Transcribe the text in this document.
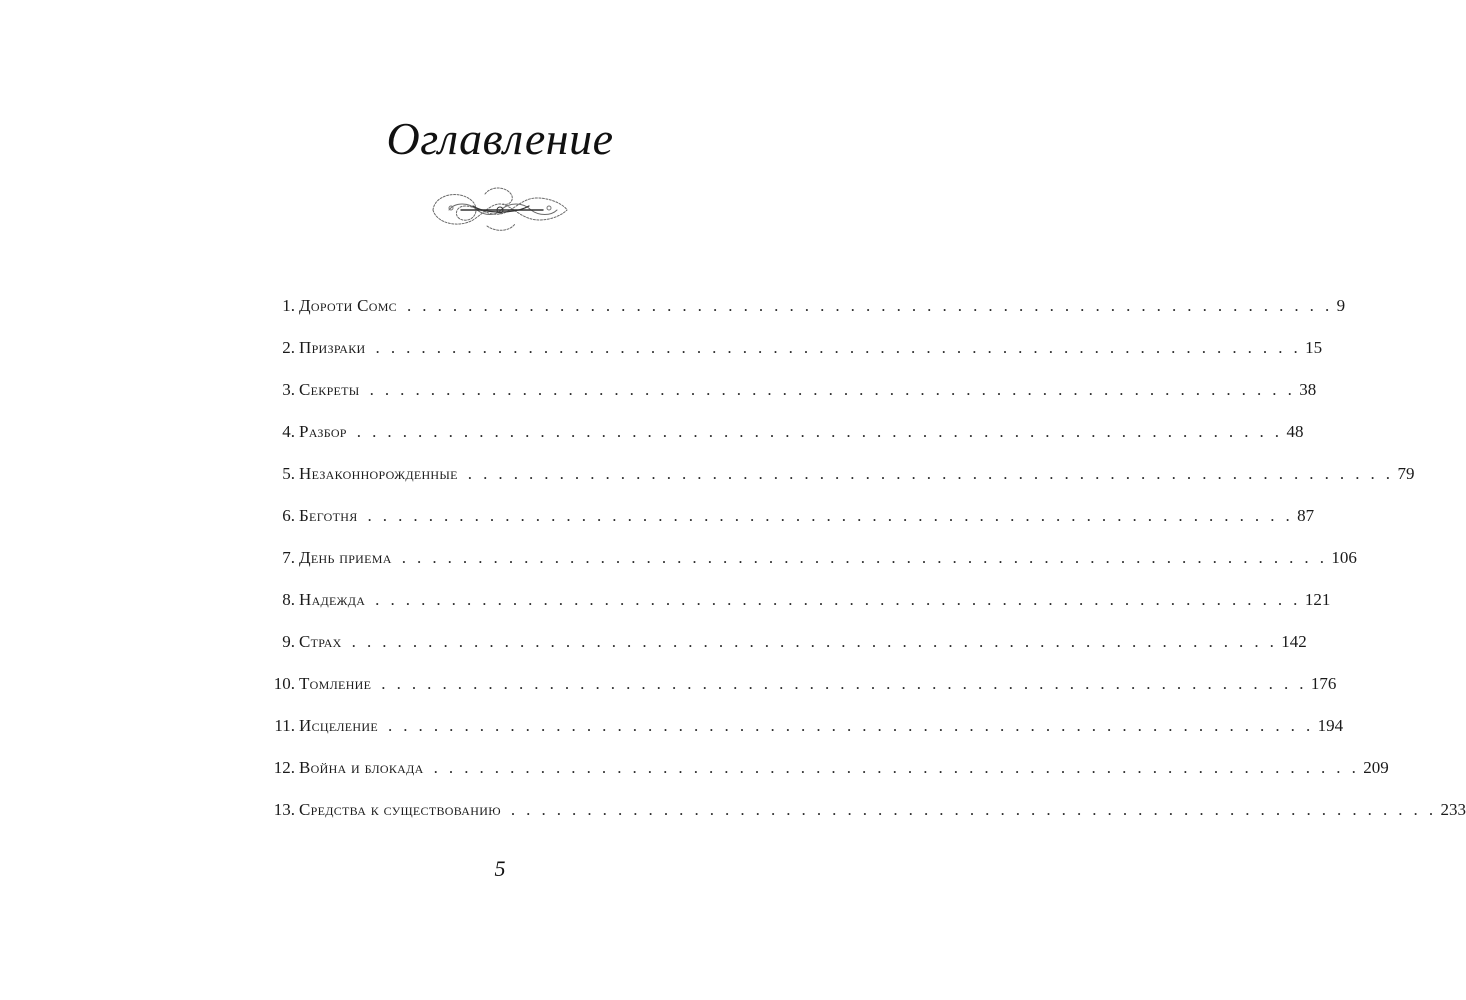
Оглавление
1. Дороти Сомс . . . . . . . . . . . . . . . . . . . . . . . . . . . . . . . . . . . . . . . . . . . . . . . . . . . . . . . . . . . . . 9
2. Призраки . . . . . . . . . . . . . . . . . . . . . . . . . . . . . . . . . . . . . . . . . . . . . . . . . . . . . . . . . . . . . 15
3. Секреты . . . . . . . . . . . . . . . . . . . . . . . . . . . . . . . . . . . . . . . . . . . . . . . . . . . . . . . . . . . . . 38
4. Разбор . . . . . . . . . . . . . . . . . . . . . . . . . . . . . . . . . . . . . . . . . . . . . . . . . . . . . . . . . . . . . 48
5. Незаконнорожденные . . . . . . . . . . . . . . . . . . . . . . . . . . . . . . . . . . . . . . . . . . . . . . . . . . . . . . . . . . . . . 79
6. Беготня . . . . . . . . . . . . . . . . . . . . . . . . . . . . . . . . . . . . . . . . . . . . . . . . . . . . . . . . . . . . . 87
7. День приема . . . . . . . . . . . . . . . . . . . . . . . . . . . . . . . . . . . . . . . . . . . . . . . . . . . . . . . . . . . . . 106
8. Надежда . . . . . . . . . . . . . . . . . . . . . . . . . . . . . . . . . . . . . . . . . . . . . . . . . . . . . . . . . . . . . 121
9. Страх . . . . . . . . . . . . . . . . . . . . . . . . . . . . . . . . . . . . . . . . . . . . . . . . . . . . . . . . . . . . . 142
10. Томление . . . . . . . . . . . . . . . . . . . . . . . . . . . . . . . . . . . . . . . . . . . . . . . . . . . . . . . . . . . . . 176
11. Исцеление . . . . . . . . . . . . . . . . . . . . . . . . . . . . . . . . . . . . . . . . . . . . . . . . . . . . . . . . . . . . . 194
12. Война и блокада . . . . . . . . . . . . . . . . . . . . . . . . . . . . . . . . . . . . . . . . . . . . . . . . . . . . . . . . . . . . . 209
13. Средства к существованию . . . . . . . . . . . . . . . . . . . . . . . . . . . . . . . . . . . . . . . . . . . . . . . . . . . . . . . . . . . . . 233
5
